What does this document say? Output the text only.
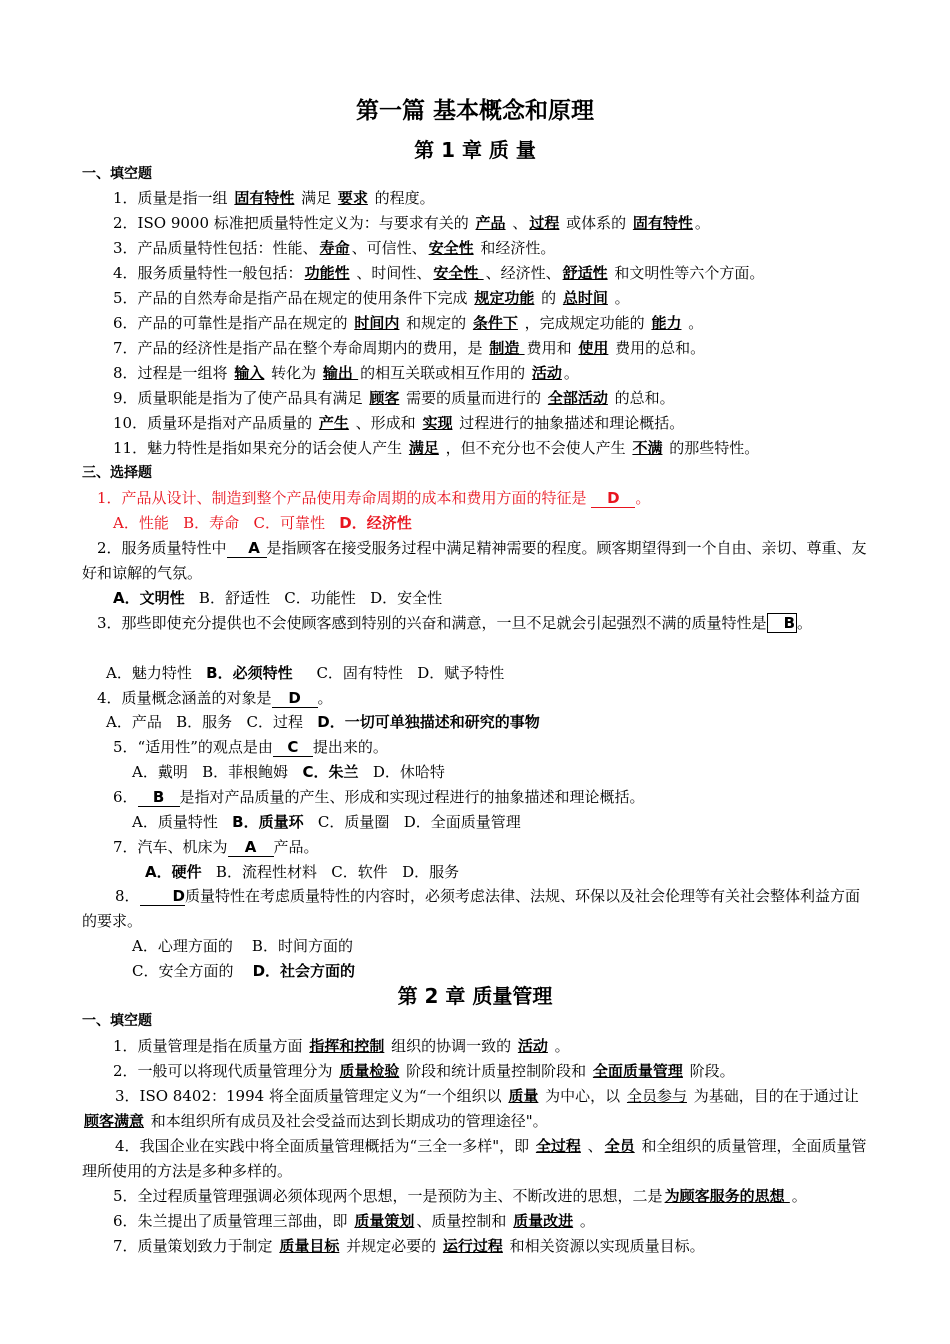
第一篇 基本概念和原理
第 1 章 质 量
一、填空题
1．质量是指一组 固有特性 满足 要求 的程度。
2．ISO 9000 标准把质量特性定义为：与要求有关的 产品 、 过程 或体系的 固有特性 。
3．产品质量特性包括：性能、 寿命 、可信性、 安全性 和经济性。
4．服务质量特性一般包括： 功能性 、时间性、 安全性 、经济性、 舒适性 和文明性等六个方面。
5．产品的自然寿命是指产品在规定的使用条件下完成 规定功能 的 总时间 。
6．产品的可靠性是指产品在规定的 时间内 和规定的 条件下 ，完成规定功能的 能力 。
7．产品的经济性是指产品在整个寿命周期内的费用，是 制造 费用和 使用 费用的总和。
8．过程是一组将 输入 转化为 输出 的相互关联或相互作用的 活动 。
9．质量职能是指为了使产品具有满足 顾客 需要的质量而进行的 全部活动 的总和。
10．质量环是指对产品质量的 产生 、形成和 实现 过程进行的抽象描述和理论概括。
11．魅力特性是指如果充分的话会使人产生 满足 ，但不充分也不会使人产生 不满 的那些特性。
三、选择题
1．产品从设计、制造到整个产品使用寿命周期的成本和费用方面的特征是 D 。
A．性能 B．寿命 C．可靠性 D．经济性
2．服务质量特性中 A 是指顾客在接受服务过程中满足精神需要的程度。顾客期望得到一个自由、亲切、尊重、友好和谅解的气氛。
A．文明性 B．舒适性 C．功能性 D．安全性
3．那些即使充分提供也不会使顾客感到特别的兴奋和满意，一旦不足就会引起强烈不满的质量特性是 B 。
A．魅力特性 B．必须特性 C．固有特性 D．赋予特性
4．质量概念涵盖的对象是 D 。
A．产品 B．服务 C．过程 D．一切可单独描述和研究的事物
5．“适用性”的观点是由 C 提出来的。
A．戴明 B．菲根鲍姆 C．朱兰 D．休哈特
6． B 是指对产品质量的产生、形成和实现过程进行的抽象描述和理论概括。
A．质量特性 B．质量环 C．质量圈 D．全面质量管理
7．汽车、机床为 A 产品。
A．硬件 B．流程性材料 C．软件 D．服务
8． D质量特性在考虑质量特性的内容时，必须考虑法律、法规、环保以及社会伦理等有关社会整体利益方面的要求。
A．心理方面的 B．时间方面的
C．安全方面的 D．社会方面的
第 2 章 质量管理
一、填空题
1．质量管理是指在质量方面 指挥和控制 组织的协调一致的 活动 。
2．一般可以将现代质量管理分为 质量检验 阶段和统计质量控制阶段和 全面质量管理 阶段。
3．ISO 8402：1994 将全面质量管理定义为“一个组织以 质量 为中心，以 全员参与 为基础，目的在于通过让 顾客满意 和本组织所有成员及社会受益而达到长期成功的管理途径"。
4．我国企业在实践中将全面质量管理概括为“三全一多样"，即 全过程 、 全员 和全组织的质量管理，全面质量管理所使用的方法是多种多样的。
5．全过程质量管理强调必须体现两个思想，一是预防为主、不断改进的思想，二是 为顾客服务的思想 。
6．朱兰提出了质量管理三部曲，即 质量策划 、质量控制和 质量改进 。
7．质量策划致力于制定 质量目标 并规定必要的 运行过程 和相关资源以实现质量目标。
